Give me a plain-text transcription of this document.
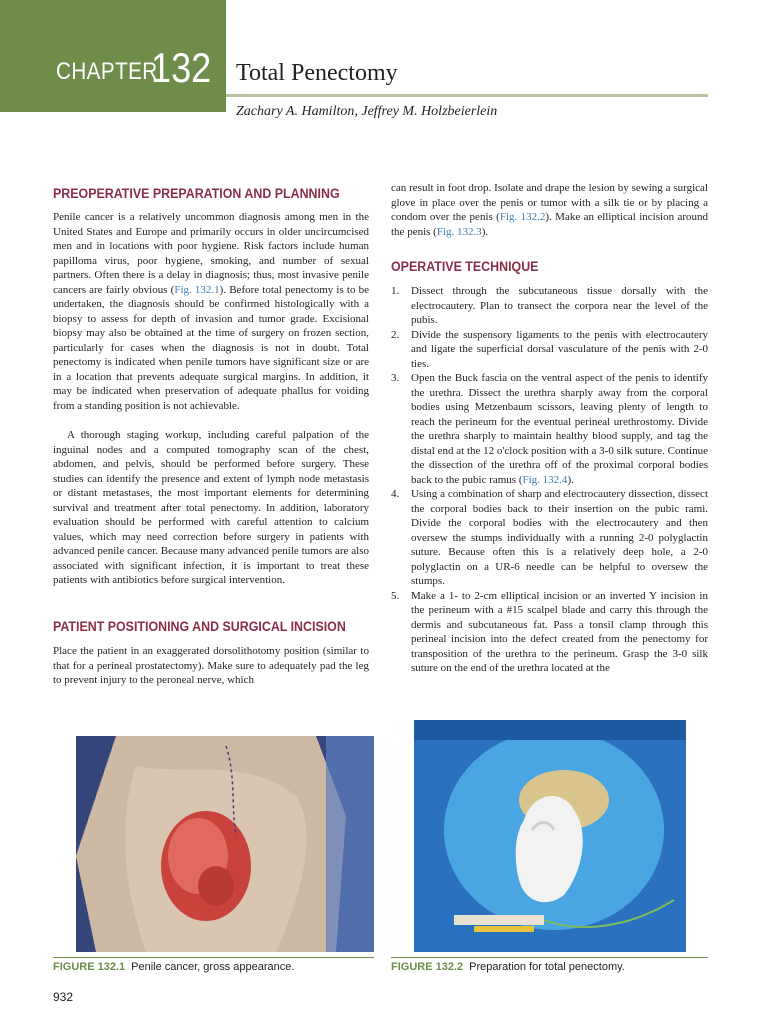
CHAPTER
132 Total Penectomy
Zachary A. Hamilton, Jeffrey M. Holzbeierlein
PREOPERATIVE PREPARATION AND PLANNING

Penile cancer is a relatively uncommon diagnosis among men in the United States and Europe and primarily occurs in older uncircumcised men and in locations with poor hygiene. Risk factors include human papilloma virus, poor hygiene, smoking, and number of sexual partners. Often there is a delay in diagnosis; thus, most invasive penile cancers are fairly obvious (Fig. 132.1). Before total penectomy is to be undertaken, the diagnosis should be confirmed histologically with a biopsy to assess for depth of invasion and tumor grade. Excisional biopsy may also be obtained at the time of surgery on frozen section, particularly for cases when the diagnosis is not in doubt. Total penectomy is indicated when penile tumors have significant size or are in a location that prevents adequate surgical margins. In addition, it may be indicated when preservation of adequate phallus for voiding from a standing position is not achievable.

A thorough staging workup, including careful palpation of the inguinal nodes and a computed tomography scan of the chest, abdomen, and pelvis, should be performed before surgery. These studies can identify the presence and extent of lymph node metastasis or distant metastases, the most important elements for determining survival and treatment after total penectomy. In addition, laboratory evaluation should be performed with careful attention to calcium values, which may need correction before surgery in patients with advanced penile cancer. Because many advanced penile tumors are also associated with significant infection, it is important to treat these patients with antibiotics before surgical intervention.

PATIENT POSITIONING AND SURGICAL INCISION

Place the patient in an exaggerated dorsolithotomy position (similar to that for a perineal prostatectomy). Make sure to adequately pad the leg to prevent injury to the peroneal nerve, which

can result in foot drop. Isolate and drape the lesion by sewing a surgical glove in place over the penis or tumor with a silk tie or by placing a condom over the penis (Fig. 132.2). Make an elliptical incision around the penis (Fig. 132.3).

OPERATIVE TECHNIQUE
1. Dissect through the subcutaneous tissue dorsally with the electrocautery. Plan to transect the corpora near the level of the pubis.
2. Divide the suspensory ligaments to the penis with electrocautery and ligate the superficial dorsal vasculature of the penis with 2-0 ties.
3. Open the Buck fascia on the ventral aspect of the penis to identify the urethra. Dissect the urethra sharply away from the corporal bodies using Metzenbaum scissors, leaving plenty of length to reach the perineum for the eventual perineal urethrostomy. Divide the urethra sharply to maintain healthy blood supply, and tag the distal end at the 12 o'clock position with a 3-0 silk suture. Continue the dissection of the urethra off of the proximal corporal bodies back to the pubic ramus (Fig. 132.4).
4. Using a combination of sharp and electrocautery dissection, dissect the corporal bodies back to their insertion on the pubic rami. Divide the corporal bodies with the electrocautery and then oversew the stumps individually with a running 2-0 polyglactin suture. Because often this is a relatively deep hole, a 2-0 polyglactin on a UR-6 needle can be helpful to oversew the stumps.
5. Make a 1- to 2-cm elliptical incision or an inverted Y incision in the perineum with a #15 scalpel blade and carry this through the dermis and subcutaneous fat. Pass a tonsil clamp through this perineal incision into the defect created from the penectomy for transposition of the urethra to the perineum. Grasp the 3-0 silk suture on the end of the urethra located at the
FIGURE 132.1 Penile cancer, gross appearance.	FIGURE 132.2 Preparation for total penectomy.
932
